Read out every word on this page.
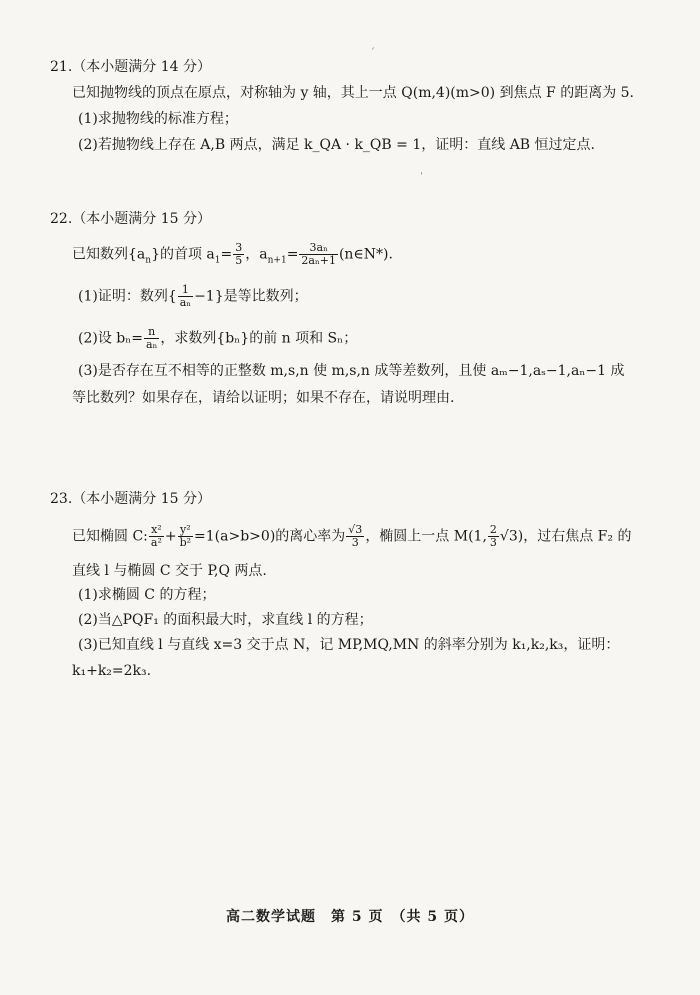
ˊ
ˈ
21.（本小题满分 14 分）
已知抛物线的顶点在原点，对称轴为 y 轴，其上一点 Q(m,4)(m>0) 到焦点 F 的距离为 5.
(1)求抛物线的标准方程；
(2)若抛物线上存在 A,B 两点，满足 k_QA · k_QB = 1，证明：直线 AB 恒过定点.
22.（本小题满分 15 分）
已知数列$\{a_n\}$的首项 $a_1= \frac{3}{5}$ ，$a_{n+1}= \frac{\text{3aₙ}}{\text{2aₙ+1}}$ (n∈N*).
(1)证明：数列{ $\frac{1}{\text{aₙ}} -1$}是等比数列；
(2)设 $b_n= \frac{n}{\text{aₙ}}$ ，求数列{bₙ}的前 n 项和 Sₙ；
(3)是否存在互不相等的正整数 m,s,n 使 m,s,n 成等差数列，且使 aₘ−1,aₛ−1,aₙ−1 成
等比数列？如果存在，请给以证明；如果不存在，请说明理由.
23.（本小题满分 15 分）
已知椭圆 C: $\frac{\text{x²}}{\text{a²}} + \frac{\text{y²}}{\text{b²}} =1(a>b>0)$的离心率为 $\frac{√3}{3}$ ，椭圆上一点 M(1, $\frac{2}{3} √3$)，过右焦点 F₂ 的
直线 l 与椭圆 C 交于 P,Q 两点.
(1)求椭圆 C 的方程；
(2)当△PQF₁ 的面积最大时，求直线 l 的方程；
(3)已知直线 l 与直线 x=3 交于点 N，记 MP,MQ,MN 的斜率分别为 k₁,k₂,k₃，证明：
k₁+k₂=2k₃.
高二数学试题　第 5 页　（共 5 页）
